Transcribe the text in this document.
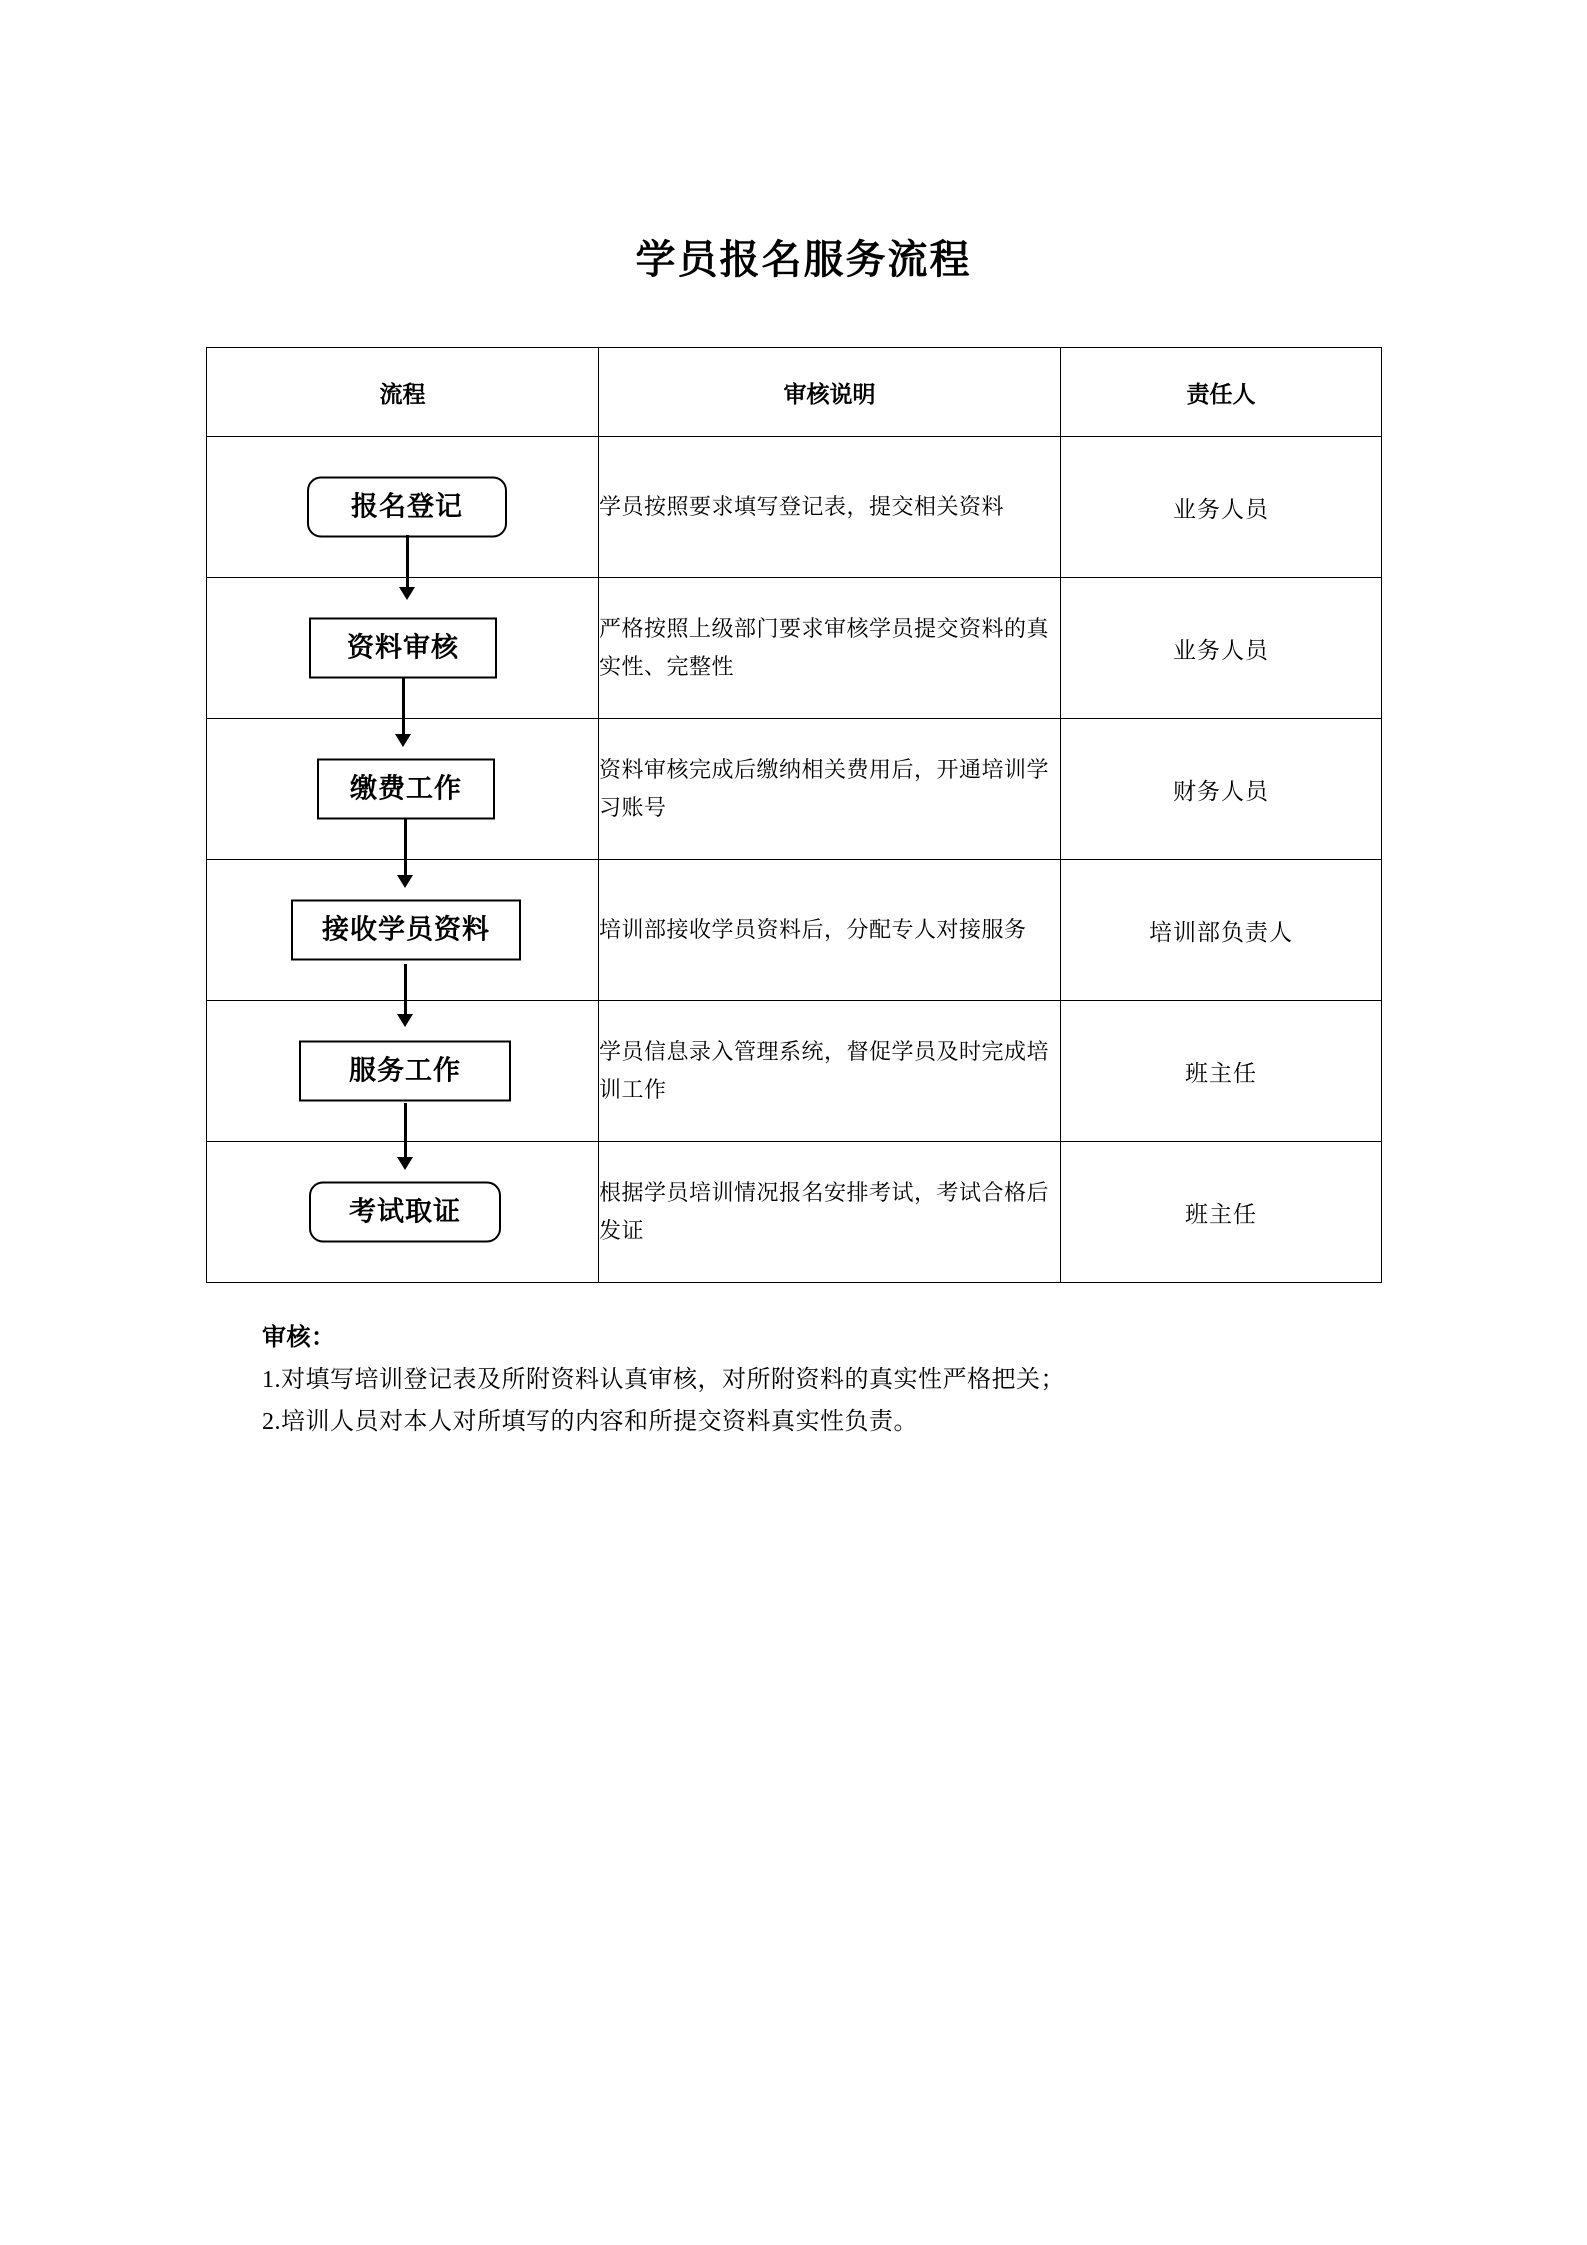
学员报名服务流程
流程	审核说明	责任人

报名登记	学员按照要求填写登记表，提交相关资料	业务人员

资料审核	严格按照上级部门要求审核学员提交资料的真实性、完整性	业务人员

缴费工作	资料审核完成后缴纳相关费用后，开通培训学习账号	财务人员

接收学员资料	培训部接收学员资料后，分配专人对接服务	培训部负责人

服务工作	学员信息录入管理系统，督促学员及时完成培训工作	班主任

考试取证	根据学员培训情况报名安排考试，考试合格后发证	班主任
审核：
1.对填写培训登记表及所附资料认真审核，对所附资料的真实性严格把关；
2.培训人员对本人对所填写的内容和所提交资料真实性负责。
